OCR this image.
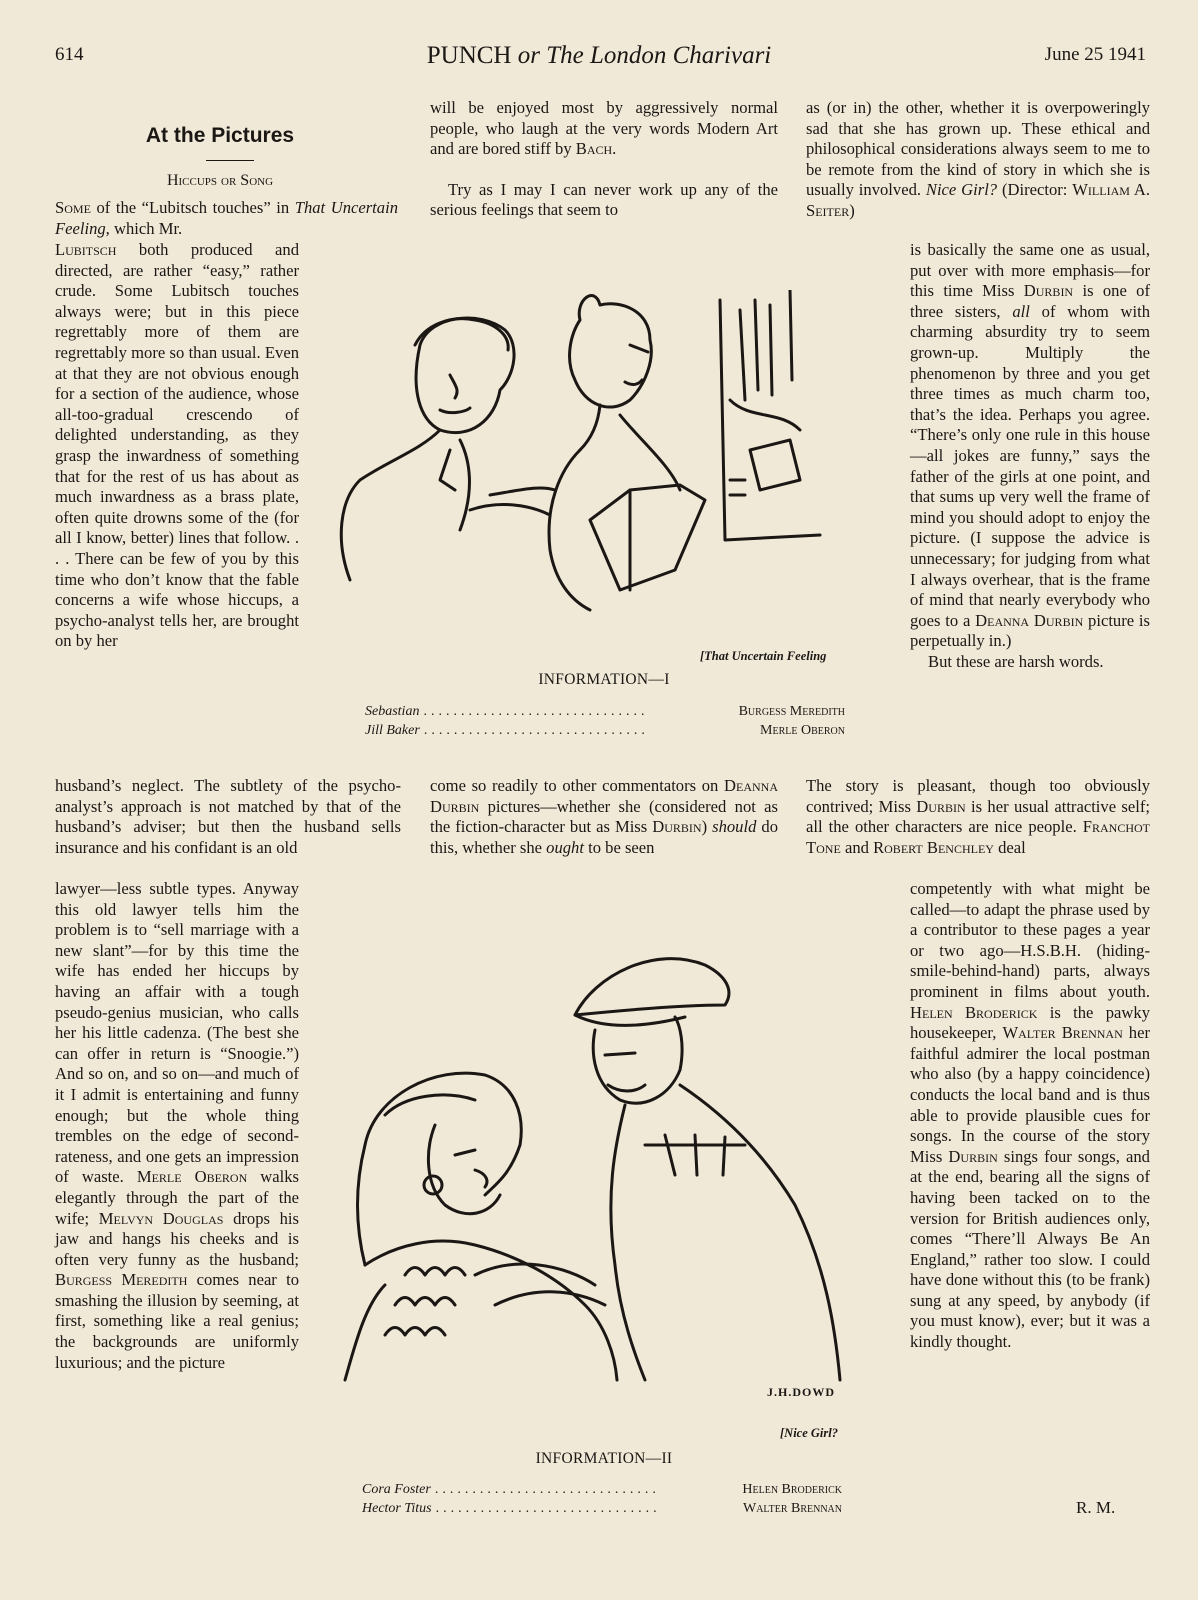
614	PUNCH or The London Charivari	June 25 1941
At the Pictures
Hiccups or Song

Some of the “Lubitsch touches” in That Uncertain Feeling, which Mr.

Lubitsch both produced and directed, are rather “easy,” rather crude. Some Lubitsch touches always were; but in this piece regrettably more of them are regrettably more so than usual. Even at that they are not obvious enough for a section of the audience, whose all-too-gradual crescendo of delighted understanding, as they grasp the inwardness of something that for the rest of us has about as much inwardness as a brass plate, often quite drowns some of the (for all I know, better) lines that follow. . . . There can be few of you by this time who don’t know that the fable concerns a wife whose hiccups, a psycho-analyst tells her, are brought on by her

husband’s neglect. The subtlety of the psycho-analyst’s approach is not matched by that of the husband’s adviser; but then the husband sells insurance and his confidant is an old

lawyer—less subtle types. Anyway this old lawyer tells him the problem is to “sell marriage with a new slant”—for by this time the wife has ended her hiccups by having an affair with a tough pseudo-genius musician, who calls her his little cadenza. (The best she can offer in return is “Snoogie.”) And so on, and so on—and much of it I admit is entertaining and funny enough; but the whole thing trembles on the edge of second-rateness, and one gets an impression of waste. Merle Oberon walks elegantly through the part of the wife; Melvyn Douglas drops his jaw and hangs his cheeks and is often very funny as the husband; Burgess Meredith comes near to smashing the illusion by seeming, at first, something like a real genius; the backgrounds are uniformly luxurious; and the picture

will be enjoyed most by aggressively normal people, who laugh at the very words Modern Art and are bored stiff by Bach.

Try as I may I can never work up any of the serious feelings that seem to

as (or in) the other, whether it is overpoweringly sad that she has grown up. These ethical and philosophical considerations always seem to me to be remote from the kind of story in which she is usually involved. Nice Girl? (Director: William A. Seiter)

is basically the same one as usual, put over with more emphasis—for this time Miss Durbin is one of three sisters, all of whom with charming absurdity try to seem grown-up. Multiply the phenomenon by three and you get three times as much charm too, that’s the idea. Perhaps you agree. “There’s only one rule in this house—all jokes are funny,” says the father of the girls at one point, and that sums up very well the frame of mind you should adopt to enjoy the picture. (I suppose the advice is unnecessary; for judging from what I always overhear, that is the frame of mind that nearly everybody who goes to a Deanna Durbin picture is perpetually in.)

But these are harsh words.

come so readily to other commentators on Deanna Durbin pictures—whether she (considered not as the fiction-character but as Miss Durbin) should do this, whether she ought to be seen

The story is pleasant, though too obviously contrived; Miss Durbin is her usual attractive self; all the other characters are nice people. Franchot Tone and Robert Benchley deal

competently with what might be called—to adapt the phrase used by a contributor to these pages a year or two ago—H.S.B.H. (hiding-smile-behind-hand) parts, always prominent in films about youth. Helen Broderick is the pawky housekeeper, Walter Brennan her faithful admirer the local postman who also (by a happy coincidence) conducts the local band and is thus able to provide plausible cues for songs. In the course of the story Miss Durbin sings four songs, and at the end, bearing all the signs of having been tacked on to the version for British audiences only, comes “There’ll Always Be An England,” rather too slow. I could have done without this (to be frank) sung at any speed, by anybody (if you must know), ever; but it was a kindly thought.

R. M.
[That Uncertain Feeling
INFORMATION—I
Sebastian ..............................	Burgess Meredith
Jill Baker ..............................	Merle Oberon
J.H.DOWD
[Nice Girl?
INFORMATION—II
Cora Foster ..............................	Helen Broderick
Hector Titus ..............................	Walter Brennan
